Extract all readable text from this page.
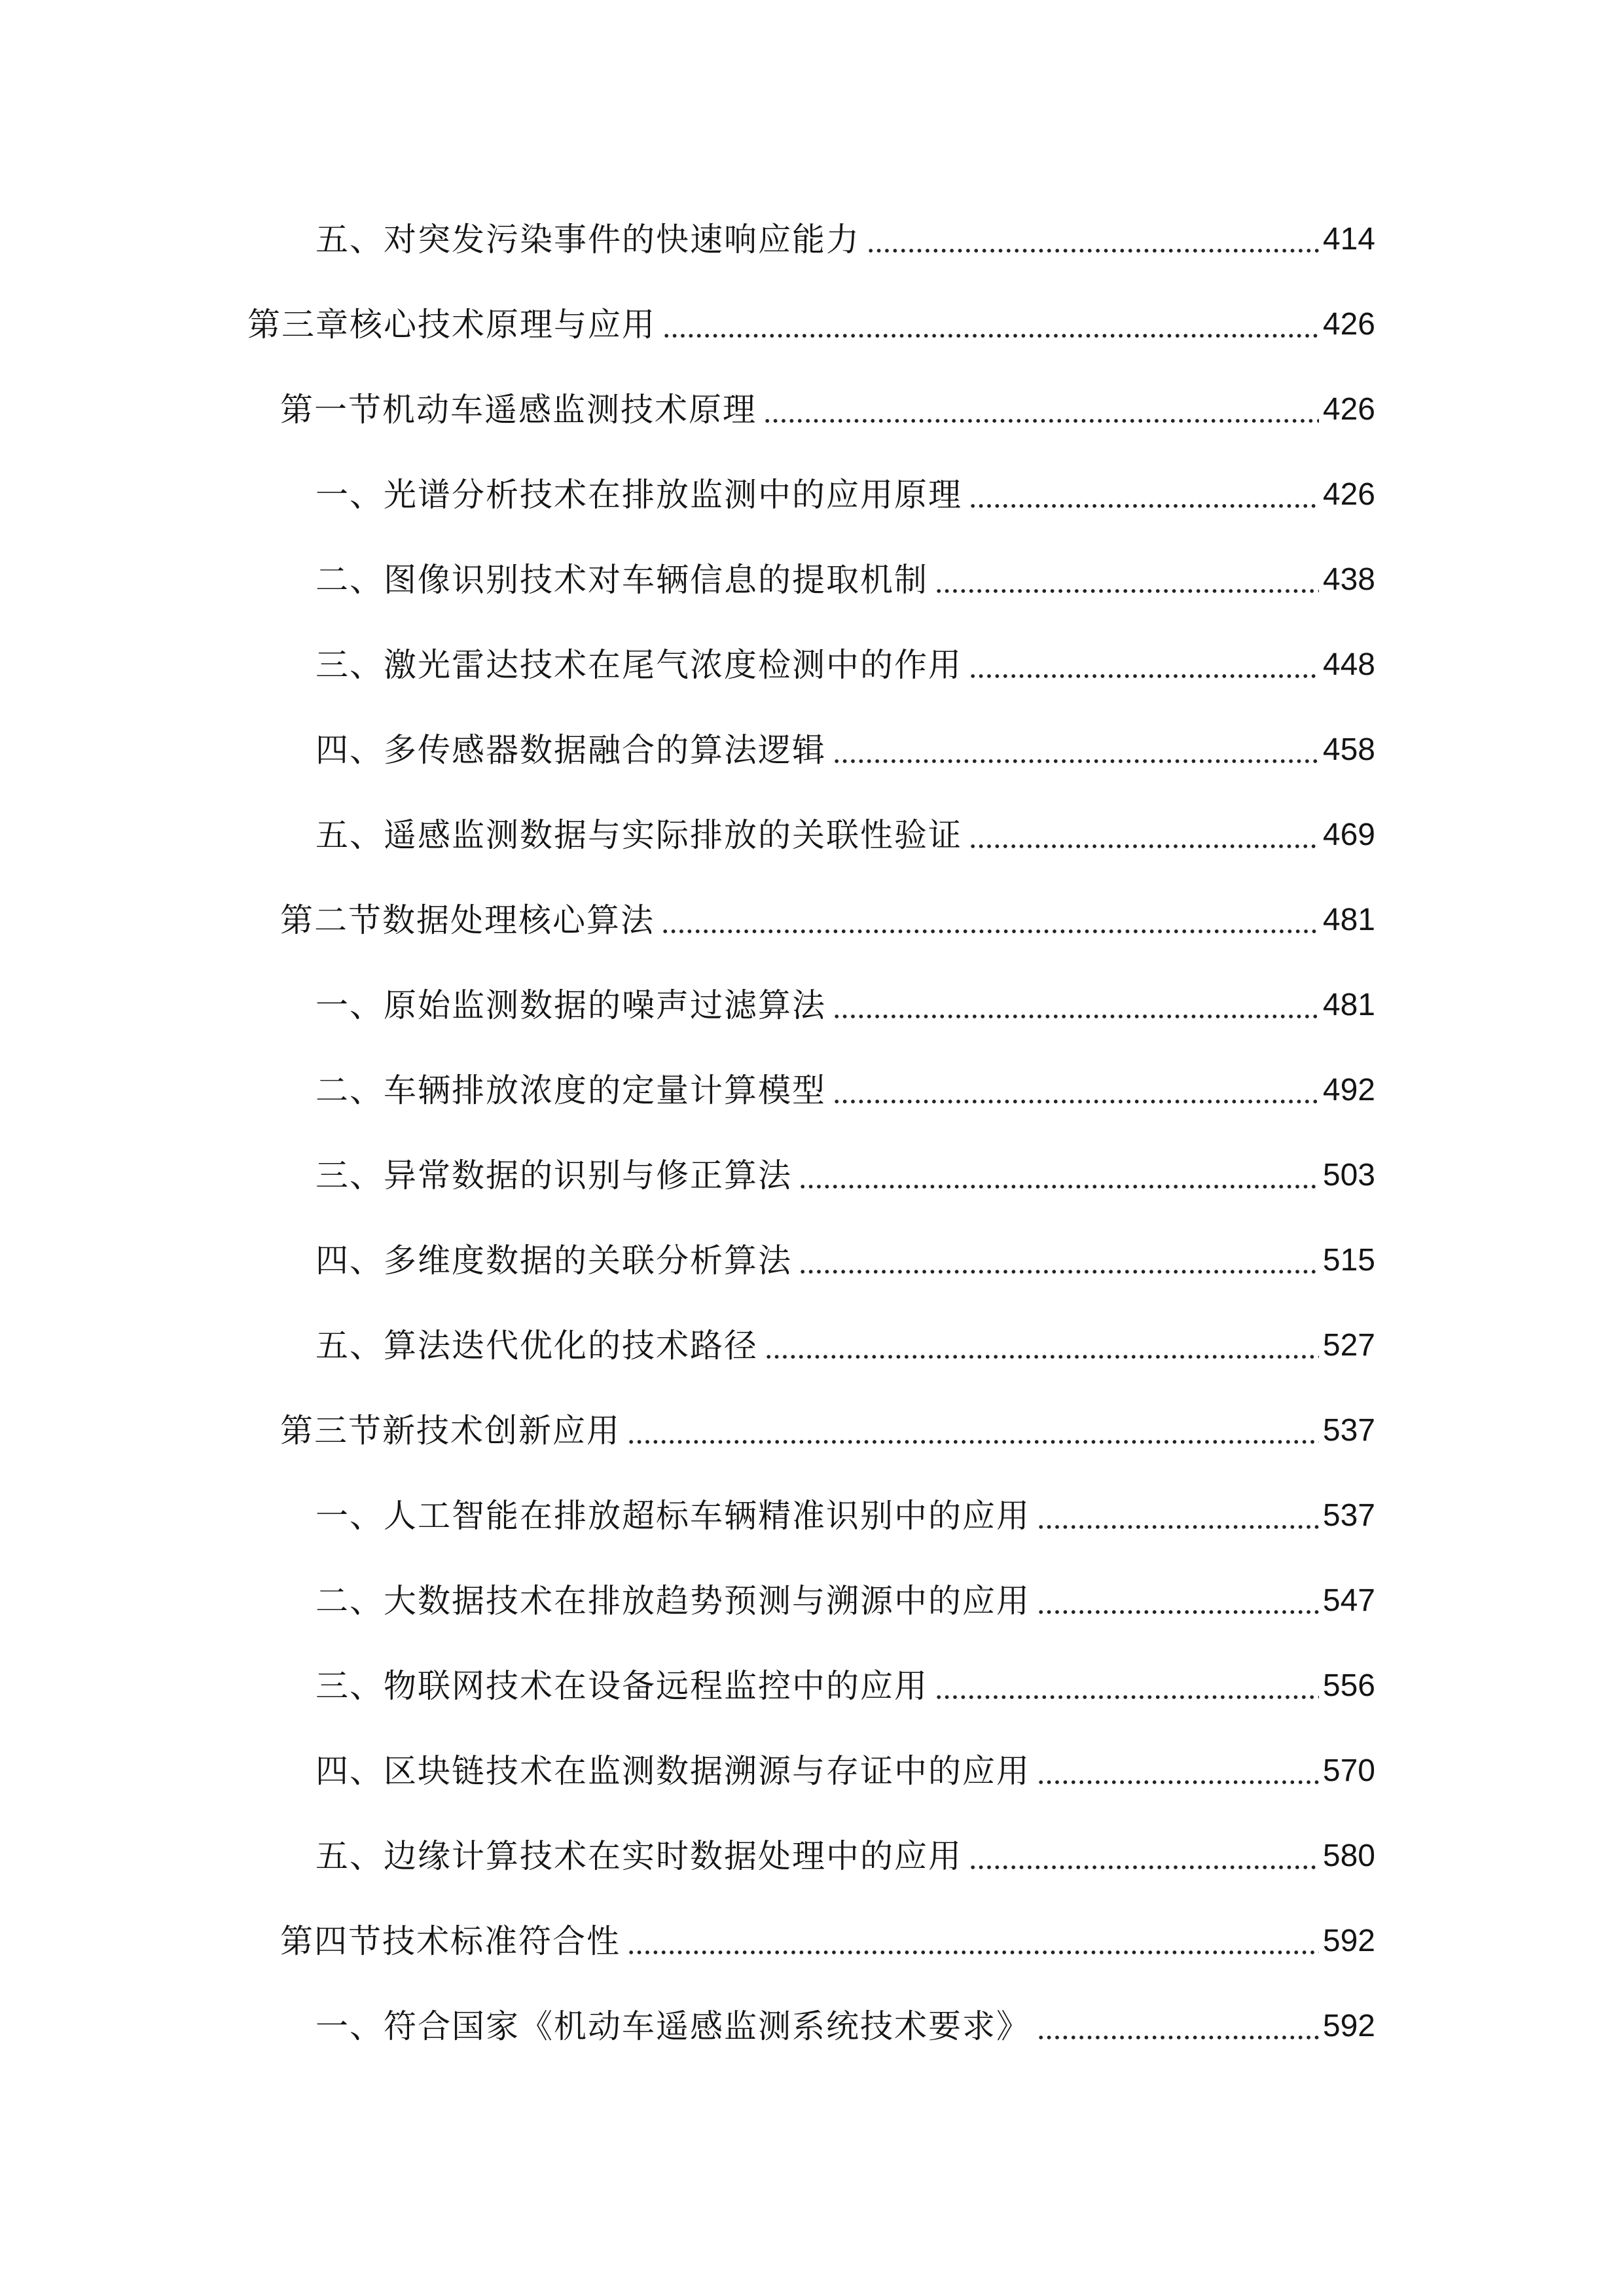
五、对突发污染事件的快速响应能力	414
第三章核心技术原理与应用	426
第一节机动车遥感监测技术原理	426
一、光谱分析技术在排放监测中的应用原理	426
二、图像识别技术对车辆信息的提取机制	438
三、激光雷达技术在尾气浓度检测中的作用	448
四、多传感器数据融合的算法逻辑	458
五、遥感监测数据与实际排放的关联性验证	469
第二节数据处理核心算法	481
一、原始监测数据的噪声过滤算法	481
二、车辆排放浓度的定量计算模型	492
三、异常数据的识别与修正算法	503
四、多维度数据的关联分析算法	515
五、算法迭代优化的技术路径	527
第三节新技术创新应用	537
一、人工智能在排放超标车辆精准识别中的应用	537
二、大数据技术在排放趋势预测与溯源中的应用	547
三、物联网技术在设备远程监控中的应用	556
四、区块链技术在监测数据溯源与存证中的应用	570
五、边缘计算技术在实时数据处理中的应用	580
第四节技术标准符合性	592
一、符合国家《机动车遥感监测系统技术要求》	592
